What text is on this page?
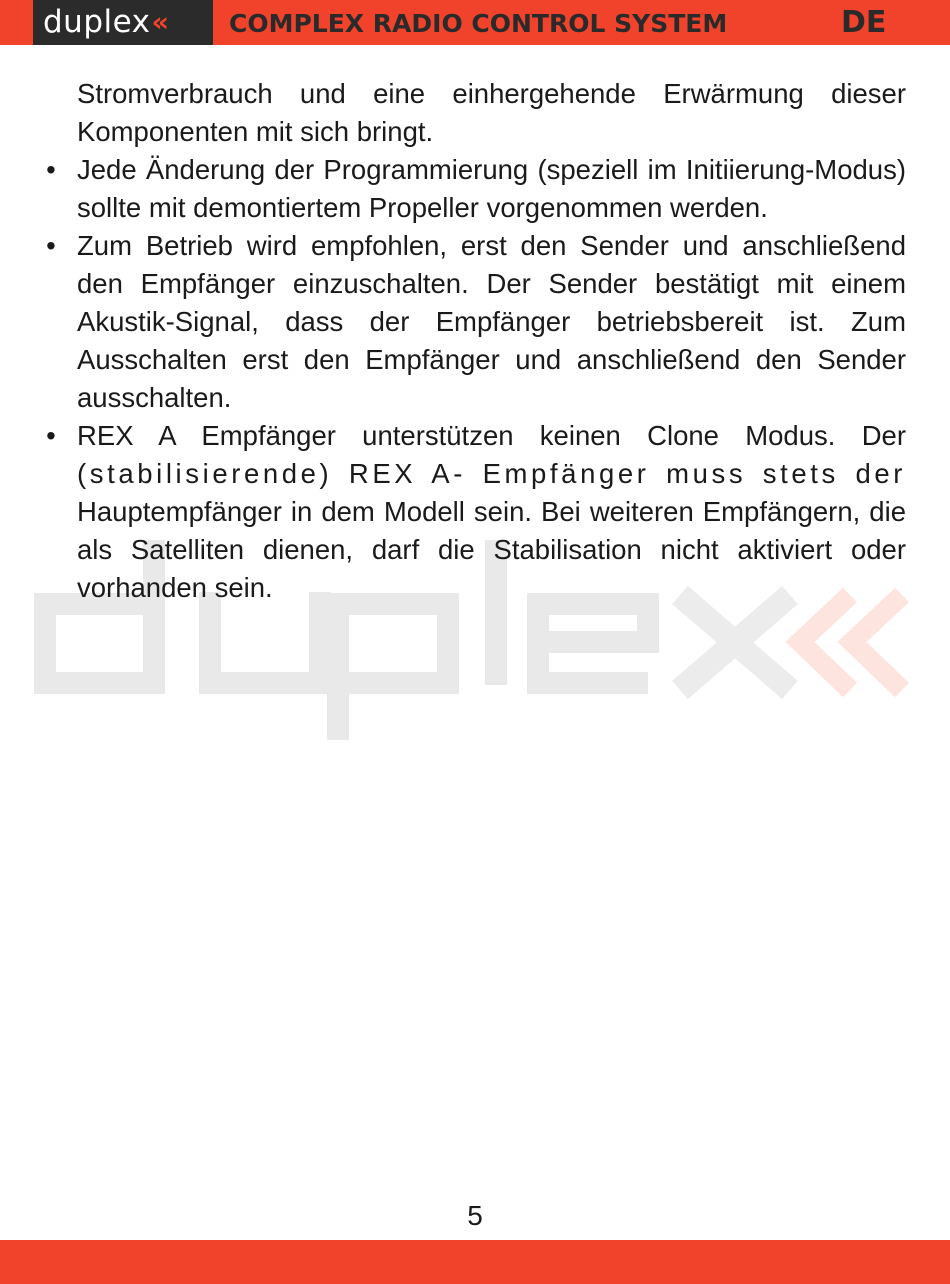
duplex « COMPLEX RADIO CONTROL SYSTEM	DE

Stromverbrauch und eine einhergehende Erwärmung dieser Komponenten mit sich bringt.

• Jede Änderung der Programmierung (speziell im Initiierung-Modus) sollte mit demontiertem Propeller vorgenommen werden.
• Zum Betrieb wird empfohlen, erst den Sender und anschließend den Empfänger einzuschalten. Der Sender bestätigt mit einem Akustik-Signal, dass der Empfänger betriebsbereit ist. Zum Ausschalten erst den Empfänger und anschließend den Sender ausschalten.
• REX A Empfänger unterstützen keinen Clone Modus. Der (stabilisierende) REX A- Empfänger muss stets der Hauptempfänger in dem Modell sein. Bei weiteren Empfängern, die als Satelliten dienen, darf die Stabilisation nicht aktiviert oder vorhanden sein.
5
